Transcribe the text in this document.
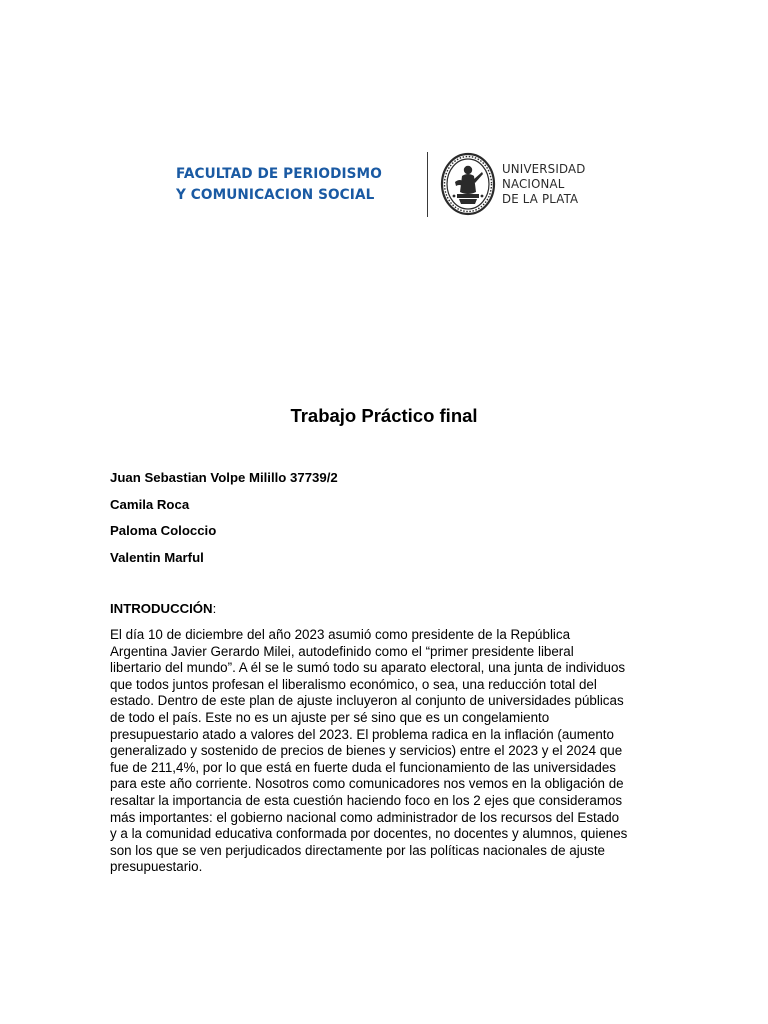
FACULTAD DE PERIODISMO
Y COMUNICACION SOCIAL
UNIVERSIDAD
NACIONAL
DE LA PLATA
Trabajo Práctico final
Juan Sebastian Volpe Milillo 37739/2
Camila Roca
Paloma Coloccio
Valentin Marful
INTRODUCCIÓN:
El día 10 de diciembre del año 2023 asumió como presidente de la República
Argentina Javier Gerardo Milei, autodefinido como el “primer presidente liberal
libertario del mundo”. A él se le sumó todo su aparato electoral, una junta de individuos
que todos juntos profesan el liberalismo económico, o sea, una reducción total del
estado. Dentro de este plan de ajuste incluyeron al conjunto de universidades públicas
de todo el país. Este no es un ajuste per sé sino que es un congelamiento
presupuestario atado a valores del 2023. El problema radica en la inflación (aumento
generalizado y sostenido de precios de bienes y servicios) entre el 2023 y el 2024 que
fue de 211,4%, por lo que está en fuerte duda el funcionamiento de las universidades
para este año corriente. Nosotros como comunicadores nos vemos en la obligación de
resaltar la importancia de esta cuestión haciendo foco en los 2 ejes que consideramos
más importantes: el gobierno nacional como administrador de los recursos del Estado
y a la comunidad educativa conformada por docentes, no docentes y alumnos, quienes
son los que se ven perjudicados directamente por las políticas nacionales de ajuste
presupuestario.
